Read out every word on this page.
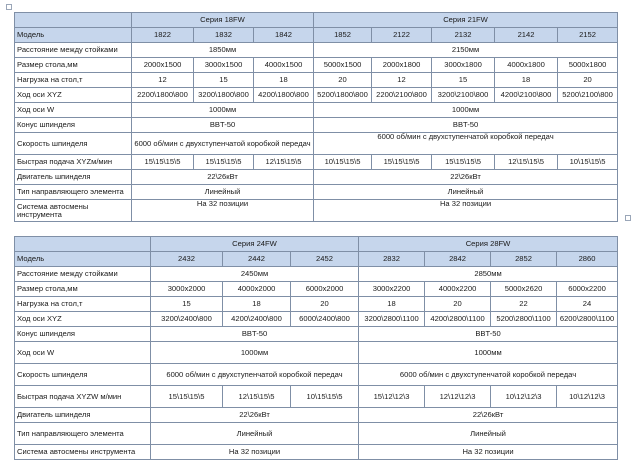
	Серия 18FW			Серия 21FW				
Модель	1822	1832	1842	1852	2122	2132	2142	2152
Расстояние между стойками	1850мм			2150мм				
Размер стола,мм	2000x1500	3000x1500	4000x1500	5000x1500	2000x1800	3000x1800	4000x1800	5000x1800
Нагрузка на стол,т	12	15	18	20	12	15	18	20
Ход оси XYZ	2200\1800\800	3200\1800\800	4200\1800\800	5200\1800\800	2200\2100\800	3200\2100\800	4200\2100\800	5200\2100\800
Ход оси W	1000мм			1000мм				
Конус шпинделя	BBT-50			BBT-50				
Скорость шпинделя	6000 об/мин с двухступенчатой коробкой передач			6000 об/мин с двухступенчатой коробкой передач				
Быстрая подача XYZм/мин	15\15\15\5	15\15\15\5	12\15\15\5	10\15\15\5	15\15\15\5	15\15\15\5	12\15\15\5	10\15\15\5
Двигатель шпинделя	22\26кВт			22\26кВт				
Тип направляющего элемента	Линейный			Линейный				
Система автосмены инструмента	На 32 позиции			На 32 позиции				
	Серия 24FW			Серия 28FW			
Модель	2432	2442	2452	2832	2842	2852	2860
Расстояние между стойками	2450мм			2850мм			
Размер стола,мм	3000x2000	4000x2000	6000x2000	3000x2200	4000x2200	5000x2620	6000x2200
Нагрузка на стол,т	15	18	20	18	20	22	24
Ход оси XYZ	3200\2400\800	4200\2400\800	6000\2400\800	3200\2800\1100	4200\2800\1100	5200\2800\1100	6200\2800\1100
Конус шпинделя	BBT-50			BBT-50			
Ход оси W	1000мм			1000мм			
Скорость шпинделя	6000 об/мин с двухступенчатой коробкой передач			6000 об/мин с двухступенчатой коробкой передач			
Быстрая подача XYZW м/мин	15\15\15\5	12\15\15\5	10\15\15\5	15\12\12\3	12\12\12\3	10\12\12\3	10\12\12\3
Двигатель шпинделя	22\26кВт			22\26кВт			
Тип направляющего элемента	Линейный			Линейный			
Система автосмены инструмента	На 32 позиции			На 32 позиции			
